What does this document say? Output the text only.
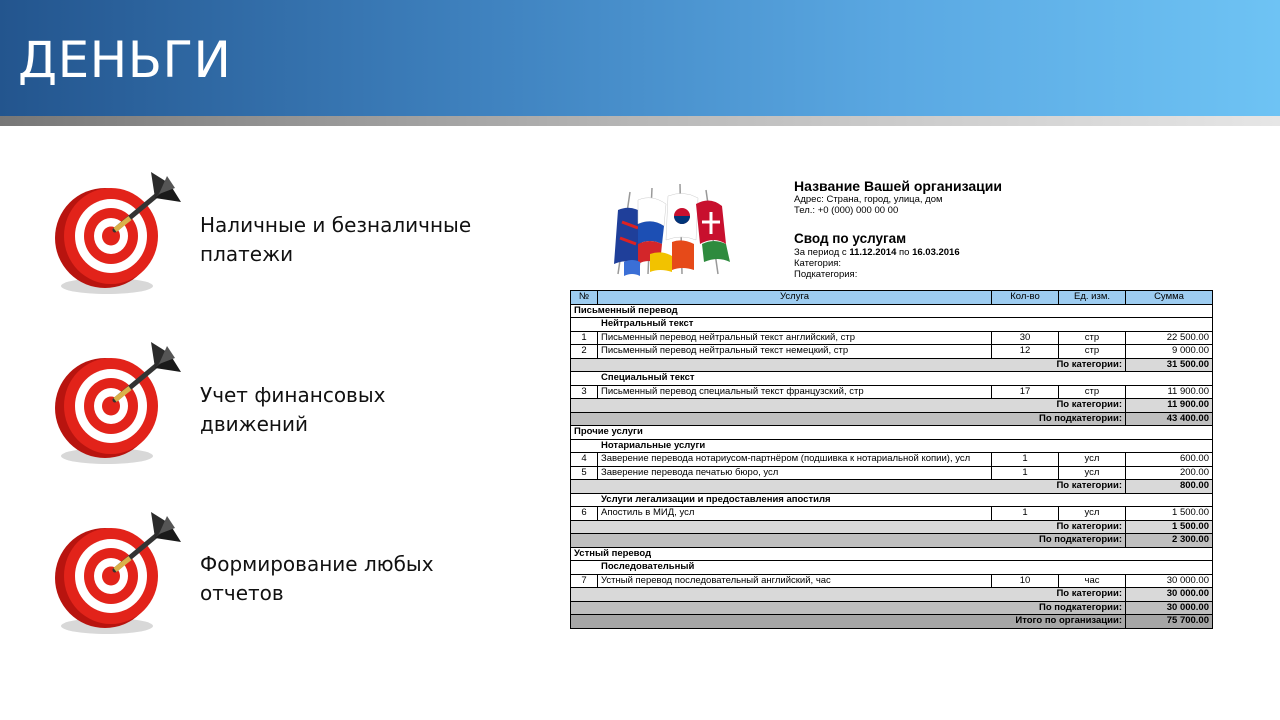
ДЕНЬГИ
Наличные и безналичные
платежи
Учет финансовых
движений
Формирование любых
отчетов
Название Вашей организации
Адрес: Страна, город, улица, дом
Тел.: +0 (000) 000 00 00
Свод по услугам
За период с 11.12.2014 по 16.03.2016
Категория:
Подкатегория:
№	Услуга	Кол-во	Ед. изм.	Сумма
Письменный перевод				
Нейтральный текст				
1	Письменный перевод нейтральный текст английский, стр	30	стр	22 500.00
2	Письменный перевод нейтральный текст немецкий, стр	12	стр	9 000.00
По категории:				31 500.00
Специальный текст				
3	Письменный перевод специальный текст французский, стр	17	стр	11 900.00
По категории:				11 900.00
По подкатегории:				43 400.00
Прочие услуги				
Нотариальные услуги				
4	Заверение перевода нотариусом-партнёром (подшивка к нотариальной копии), усл	1	усл	600.00
5	Заверение перевода печатью бюро, усл	1	усл	200.00
По категории:				800.00
Услуги легализации и предоставления апостиля				
6	Апостиль в МИД, усл	1	усл	1 500.00
По категории:				1 500.00
По подкатегории:				2 300.00
Устный перевод				
Последовательный				
7	Устный перевод последовательный английский, час	10	час	30 000.00
По категории:				30 000.00
По подкатегории:				30 000.00
Итого по организации:				75 700.00
